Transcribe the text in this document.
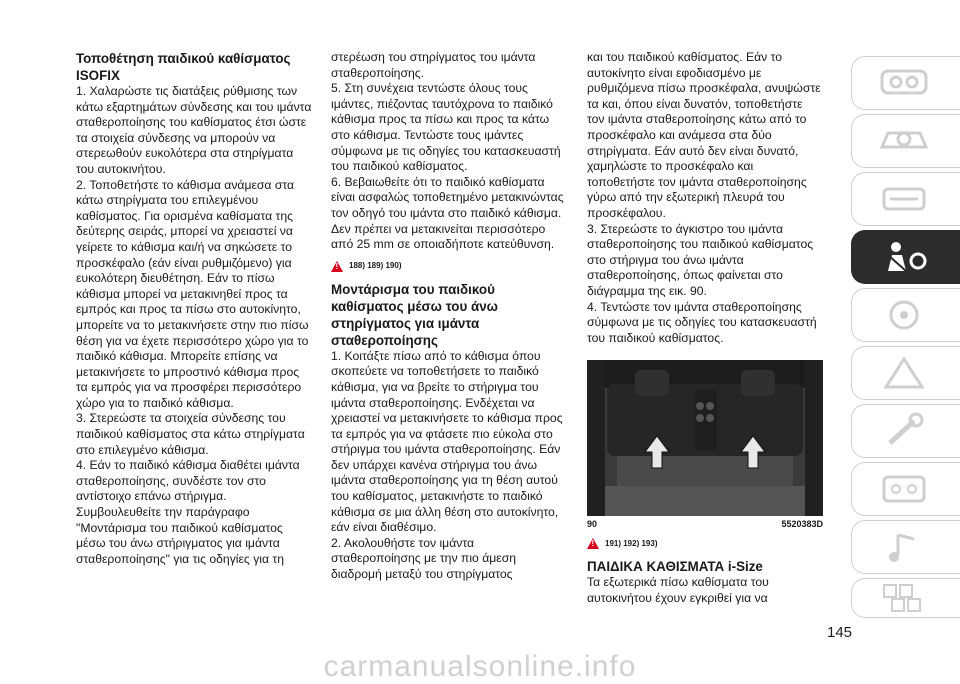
Τοποθέτηση παιδικού καθίσματος ISOFIX

1. Χαλαρώστε τις διατάξεις ρύθμισης των κάτω εξαρτημάτων σύνδεσης και του ιμάντα σταθεροποίησης του καθίσματος έτσι ώστε τα στοιχεία σύνδεσης να μπορούν να στερεωθούν ευκολότερα στα στηρίγματα του αυτοκινήτου.

2. Τοποθετήστε το κάθισμα ανάμεσα στα κάτω στηρίγματα του επιλεγμένου καθίσματος. Για ορισμένα καθίσματα της δεύτερης σειράς, μπορεί να χρειαστεί να γείρετε το κάθισμα και/ή να σηκώσετε το προσκέφαλο (εάν είναι ρυθμιζόμενο) για ευκολότερη διευθέτηση. Εάν το πίσω κάθισμα μπορεί να μετακινηθεί προς τα εμπρός και προς τα πίσω στο αυτοκίνητο, μπορείτε να το μετακινήσετε στην πιο πίσω θέση για να έχετε περισσότερο χώρο για το παιδικό κάθισμα. Μπορείτε επίσης να μετακινήσετε το μπροστινό κάθισμα προς τα εμπρός για να προσφέρει περισσότερο χώρο για το παιδικό κάθισμα.

3. Στερεώστε τα στοιχεία σύνδεσης του παιδικού καθίσματος στα κάτω στηρίγματα στο επιλεγμένο κάθισμα.

4. Εάν το παιδικό κάθισμα διαθέτει ιμάντα σταθεροποίησης, συνδέστε τον στο αντίστοιχο επάνω στήριγμα. Συμβουλευθείτε την παράγραφο "Μοντάρισμα του παιδικού καθίσματος μέσω του άνω στήριγματος για ιμάντα σταθεροποίησης" για τις οδηγίες για τη

στερέωση του στηρίγματος του ιμάντα σταθεροποίησης.

5. Στη συνέχεια τεντώστε όλους τους ιμάντες, πιέζοντας ταυτόχρονα το παιδικό κάθισμα προς τα πίσω και προς τα κάτω στο κάθισμα. Τεντώστε τους ιμάντες σύμφωνα με τις οδηγίες του κατασκευαστή του παιδικού καθίσματος.

6. Βεβαιωθείτε ότι το παιδικό καθίσματα είναι ασφαλώς τοποθετημένο μετακινώντας τον οδηγό του ιμάντα στο παιδικό κάθισμα. Δεν πρέπει να μετακινείται περισσότερο από 25 mm σε οποιαδήποτε κατεύθυνση.

!
188) 189) 190)

Μοντάρισμα του παιδικού καθίσματος μέσω του άνω στηρίγματος για ιμάντα σταθεροποίησης

1. Κοιτάξτε πίσω από το κάθισμα όπου σκοπεύετε να τοποθετήσετε το παιδικό κάθισμα, για να βρείτε το στήριγμα του ιμάντα σταθεροποίησης. Ενδέχεται να χρειαστεί να μετακινήσετε το κάθισμα προς τα εμπρός για να φτάσετε πιο εύκολα στο στήριγμα του ιμάντα σταθεροποίησης. Εάν δεν υπάρχει κανένα στήριγμα του άνω ιμάντα σταθεροποίησης για τη θέση αυτού του καθίσματος, μετακινήστε το παιδικό κάθισμα σε μια άλλη θέση στο αυτοκίνητο, εάν είναι διαθέσιμο.

2. Ακολουθήστε τον ιμάντα σταθεροποίησης με την πιο άμεση διαδρομή μεταξύ του στηρίγματος

και του παιδικού καθίσματος. Εάν το αυτοκίνητο είναι εφοδιασμένο με ρυθμιζόμενα πίσω προσκέφαλα, ανυψώστε τα και, όπου είναι δυνατόν, τοποθετήστε τον ιμάντα σταθεροποίησης κάτω από το προσκέφαλο και ανάμεσα στα δύο στηρίγματα. Εάν αυτό δεν είναι δυνατό, χαμηλώστε το προσκέφαλο και τοποθετήστε τον ιμάντα σταθεροποίησης γύρω από την εξωτερική πλευρά του προσκέφαλου.

3. Στερεώστε το άγκιστρο του ιμάντα σταθεροποίησης του παιδικού καθίσματος στο στήριγμα του άνω ιμάντα σταθεροποίησης, όπως φαίνεται στο διάγραμμα της εικ. 90.

4. Τεντώστε τον ιμάντα σταθεροποίησης σύμφωνα με τις οδηγίες του κατασκευαστή του παιδικού καθίσματος.

90	5520383D
!
191) 192) 193)

ΠΑΙΔΙΚΑ ΚΑΘΙΣΜΑΤΑ i-Size

Τα εξωτερικά πίσω καθίσματα του αυτοκινήτου έχουν εγκριθεί για να

145
carmanualsonline.info
